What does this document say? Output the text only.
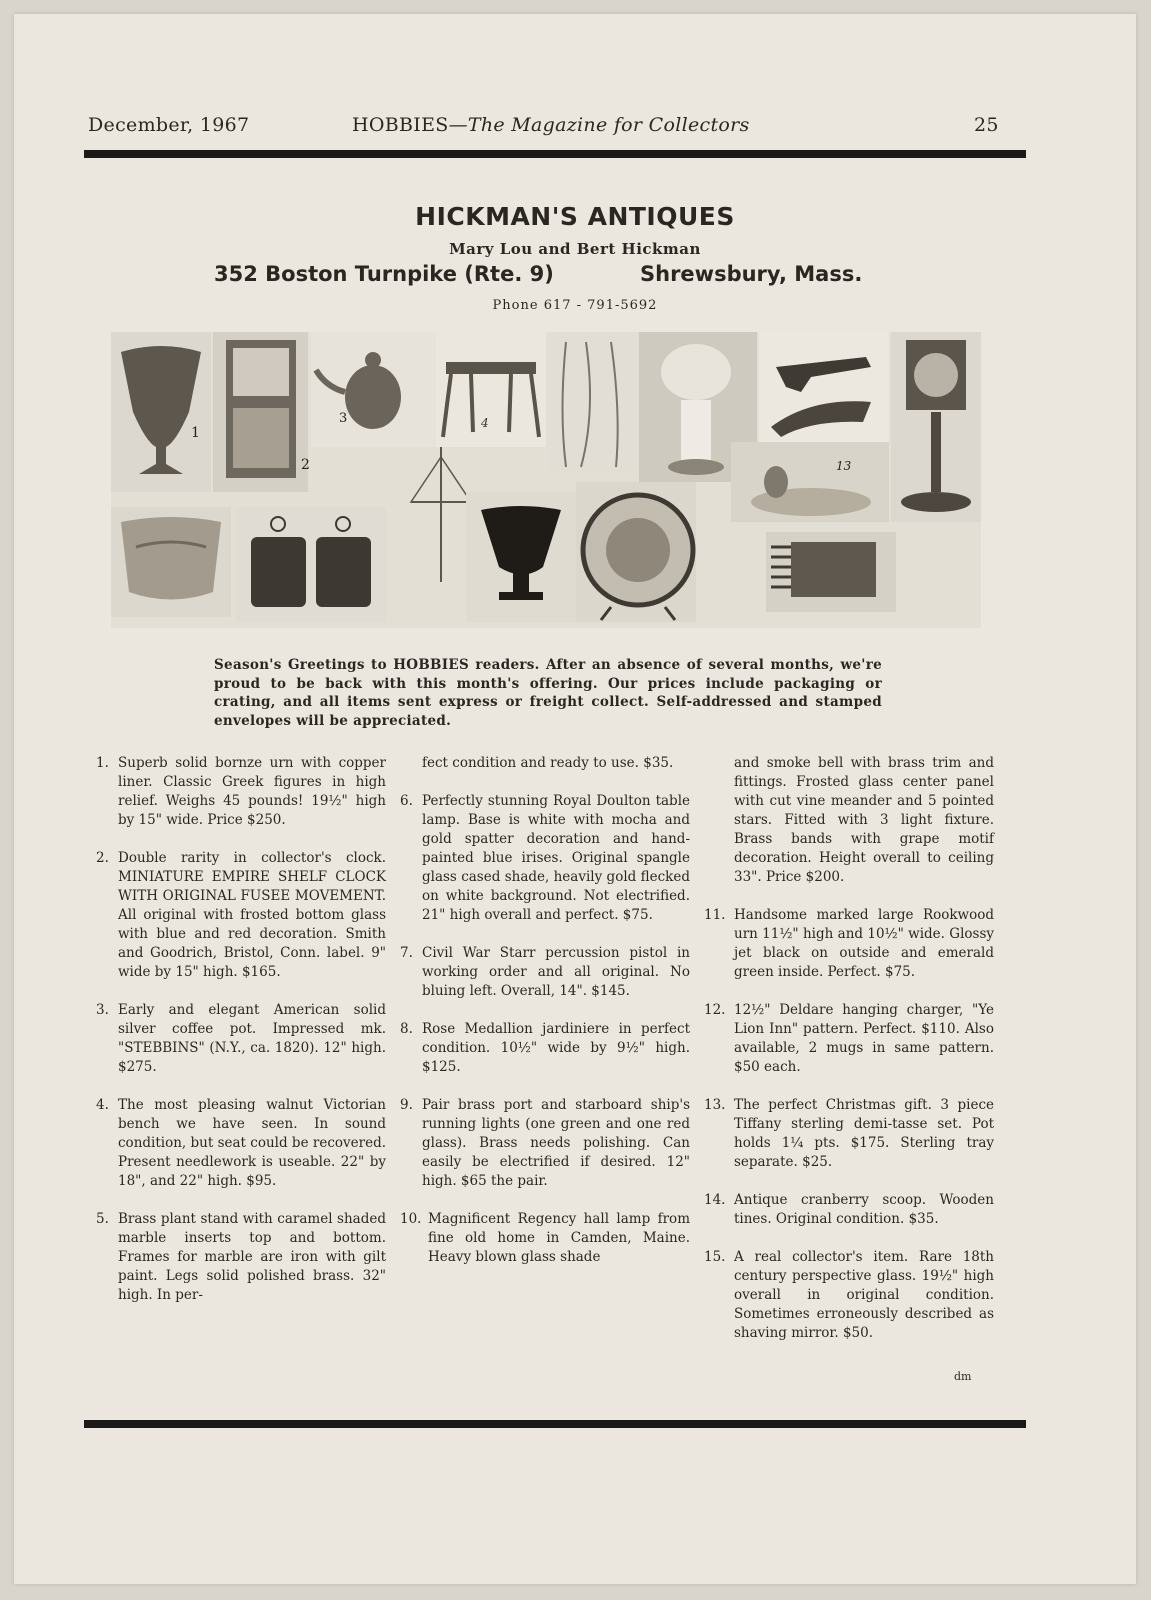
December, 1967	HOBBIES—The Magazine for Collectors	25
HICKMAN'S ANTIQUES
Mary Lou and Bert Hickman
352 Boston Turnpike (Rte. 9)	Shrewsbury, Mass.
Phone 617 - 791-5692
1
2
3	4
13
Season's Greetings to HOBBIES readers. After an absence of several months, we're proud to be back with this month's offering. Our prices include packaging or crating, and all items sent express or freight collect. Self-addressed and stamped envelopes will be appreciated.
1. Superb solid bornze urn with copper liner. Classic Greek figures in high relief. Weighs 45 pounds! 19½" high by 15" wide. Price $250.
2. Double rarity in collector's clock. MINIATURE EMPIRE SHELF CLOCK WITH ORIGINAL FUSEE MOVEMENT. All original with frosted bottom glass with blue and red decoration. Smith and Goodrich, Bristol, Conn. label. 9" wide by 15" high. $165.
3. Early and elegant American solid silver coffee pot. Impressed mk. "STEBBINS" (N.Y., ca. 1820). 12" high. $275.
4. The most pleasing walnut Victorian bench we have seen. In sound condition, but seat could be recovered. Present needlework is useable. 22" by 18", and 22" high. $95.
5. Brass plant stand with caramel shaded marble inserts top and bottom. Frames for marble are iron with gilt paint. Legs solid polished brass. 32" high. In per-
fect condition and ready to use. $35.
6. Perfectly stunning Royal Doulton table lamp. Base is white with mocha and gold spatter decoration and hand-painted blue irises. Original spangle glass cased shade, heavily gold flecked on white background. Not electrified. 21" high overall and perfect. $75.
7. Civil War Starr percussion pistol in working order and all original. No bluing left. Overall, 14". $145.
8. Rose Medallion jardiniere in perfect condition. 10½" wide by 9½" high. $125.
9. Pair brass port and starboard ship's running lights (one green and one red glass). Brass needs polishing. Can easily be electrified if desired. 12" high. $65 the pair.
10. Magnificent Regency hall lamp from fine old home in Camden, Maine. Heavy blown glass shade
and smoke bell with brass trim and fittings. Frosted glass center panel with cut vine meander and 5 pointed stars. Fitted with 3 light fixture. Brass bands with grape motif decoration. Height overall to ceiling 33". Price $200.
11. Handsome marked large Rookwood urn 11½" high and 10½" wide. Glossy jet black on outside and emerald green inside. Perfect. $75.
12. 12½" Deldare hanging charger, "Ye Lion Inn" pattern. Perfect. $110. Also available, 2 mugs in same pattern. $50 each.
13. The perfect Christmas gift. 3 piece Tiffany sterling demi-tasse set. Pot holds 1¼ pts. $175. Sterling tray separate. $25.
14. Antique cranberry scoop. Wooden tines. Original condition. $35.
15. A real collector's item. Rare 18th century perspective glass. 19½" high overall in original condition. Sometimes erroneously described as shaving mirror. $50.
dm
